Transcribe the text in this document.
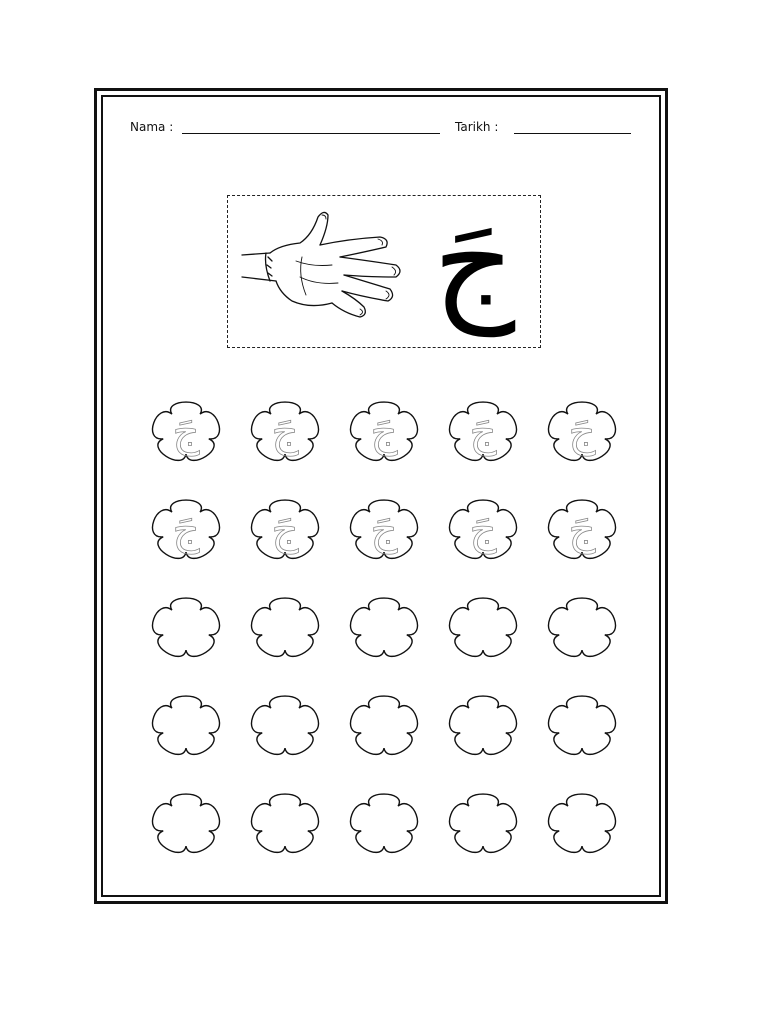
Nama :	Tarikh :
جَ
جَ	جَ	جَ	جَ	جَ
جَ	جَ	جَ	جَ	جَ
